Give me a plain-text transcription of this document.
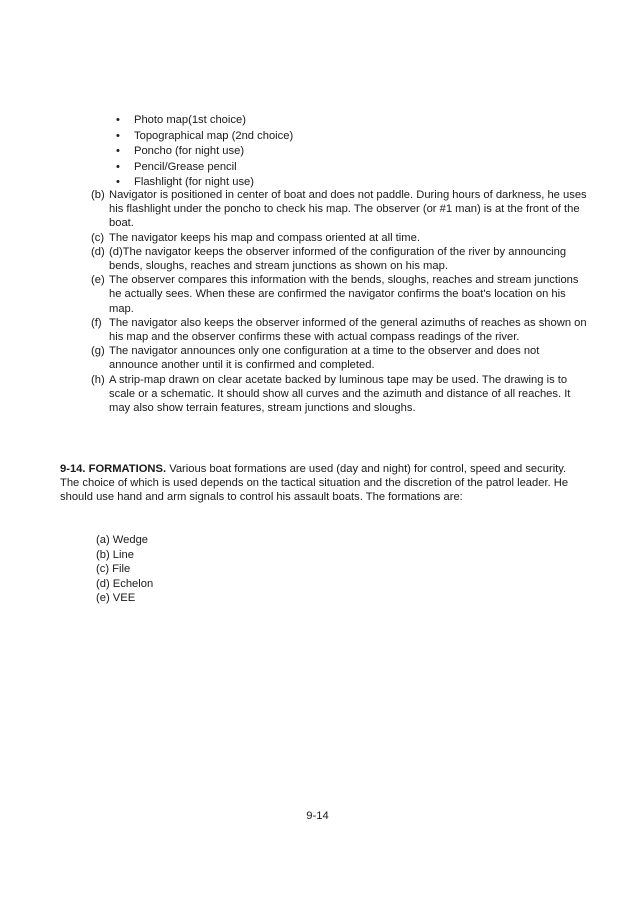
• Photo map(1st choice)
• Topographical map (2nd choice)
• Poncho (for night use)
• Pencil/Grease pencil
• Flashlight (for night use)
(b) Navigator is positioned in center of boat and does not paddle. During hours of darkness, he uses his flashlight under the poncho to check his map. The observer (or #1 man) is at the front of the boat.
(c) The navigator keeps his map and compass oriented at all time.
(d) (d)The navigator keeps the observer informed of the configuration of the river by announcing bends, sloughs, reaches and stream junctions as shown on his map.
(e) The observer compares this information with the bends, sloughs, reaches and stream junctions he actually sees. When these are confirmed the navigator confirms the boat's location on his map.
(f) The navigator also keeps the observer informed of the general azimuths of reaches as shown on his map and the observer confirms these with actual compass readings of the river.
(g) The navigator announces only one configuration at a time to the observer and does not announce another until it is confirmed and completed.
(h) A strip-map drawn on clear acetate backed by luminous tape may be used. The drawing is to scale or a schematic. It should show all curves and the azimuth and distance of all reaches. It may also show terrain features, stream junctions and sloughs.
9-14. FORMATIONS. Various boat formations are used (day and night) for control, speed and security. The choice of which is used depends on the tactical situation and the discretion of the patrol leader. He should use hand and arm signals to control his assault boats. The formations are:
(a) Wedge
(b) Line
(c) File
(d) Echelon
(e) VEE
9-14
